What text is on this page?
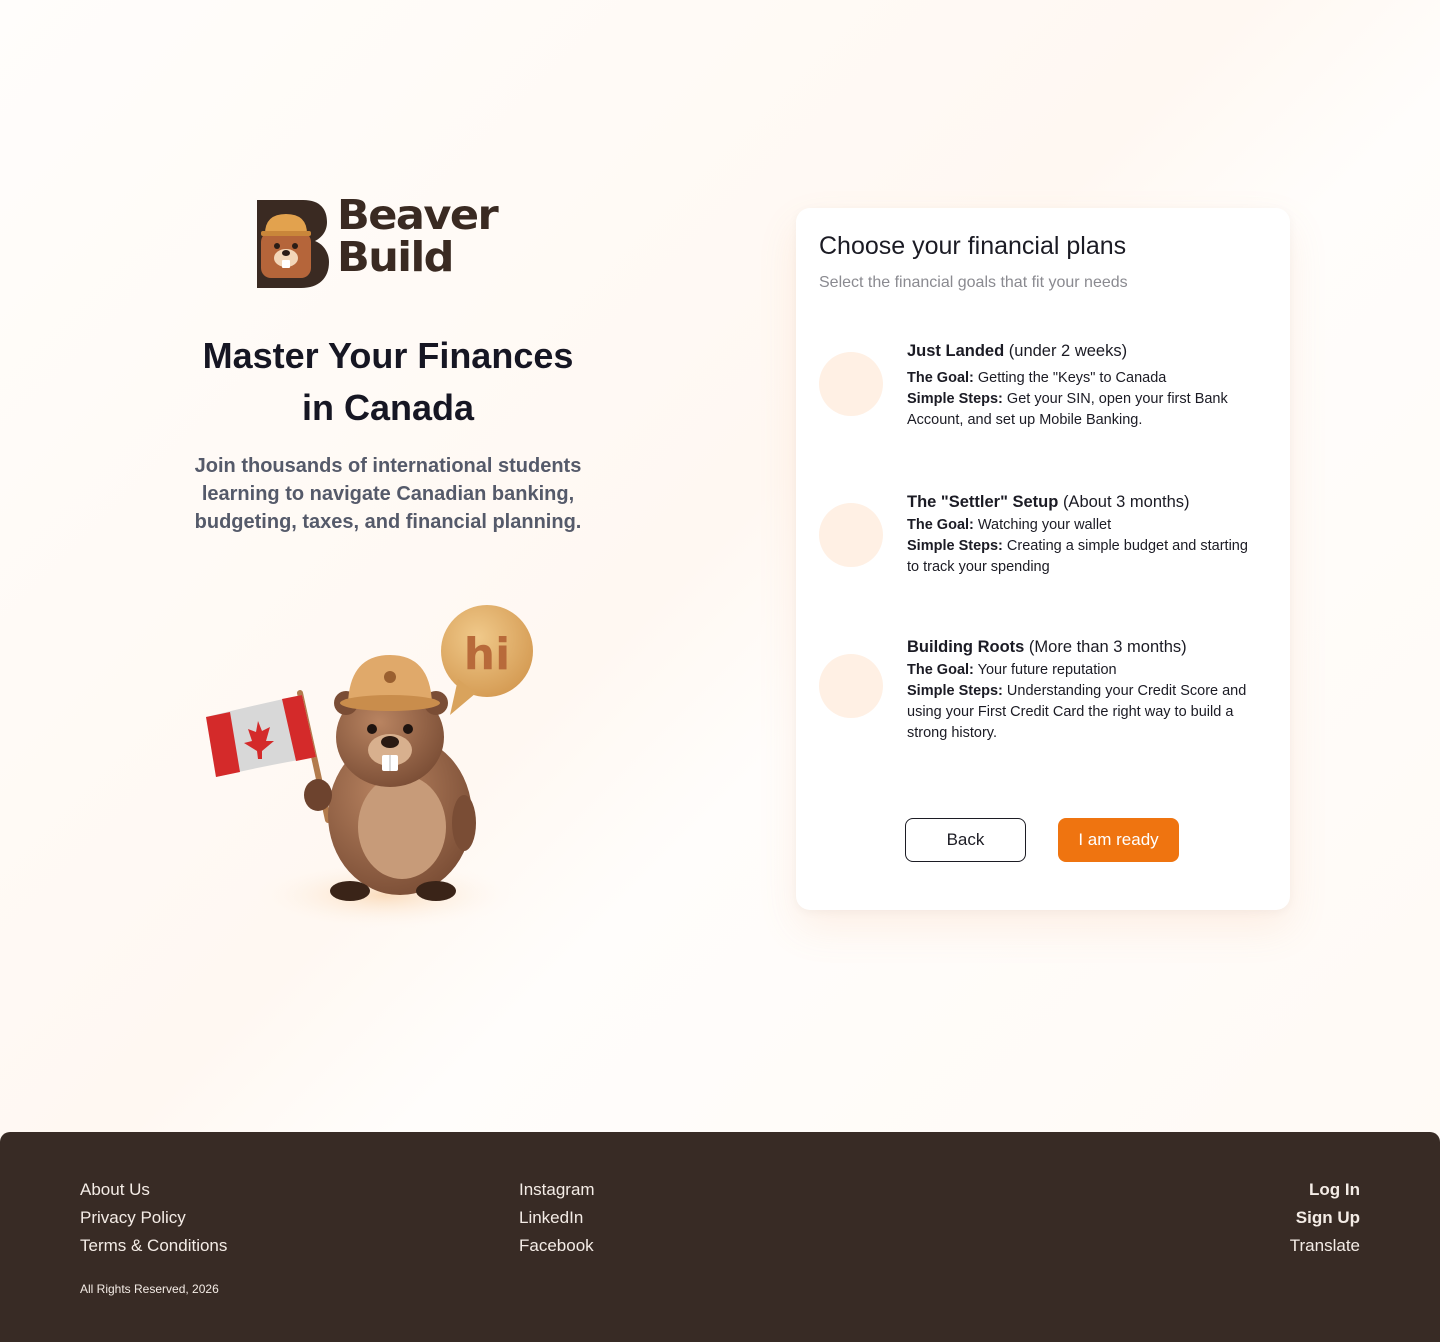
Beaver
Build
Master Your Finances
in Canada

Join thousands of international students learning to navigate Canadian banking, budgeting, taxes, and financial planning.

hi
Choose your financial plans

Select the financial goals that fit your needs

Just Landed (under 2 weeks)
The Goal: Getting the "Keys" to Canada
Simple Steps: Get your SIN, open your first Bank Account, and set up Mobile Banking.
The "Settler" Setup (About 3 months)
The Goal: Watching your wallet
Simple Steps: Creating a simple budget and starting to track your spending
Building Roots (More than 3 months)
The Goal: Your future reputation
Simple Steps: Understanding your Credit Score and using your First Credit Card the right way to build a strong history.
Back	I am ready
About Us
Privacy Policy
Terms & Conditions
Instagram
LinkedIn
Facebook
Log In
Sign Up
Translate
All Rights Reserved, 2026
